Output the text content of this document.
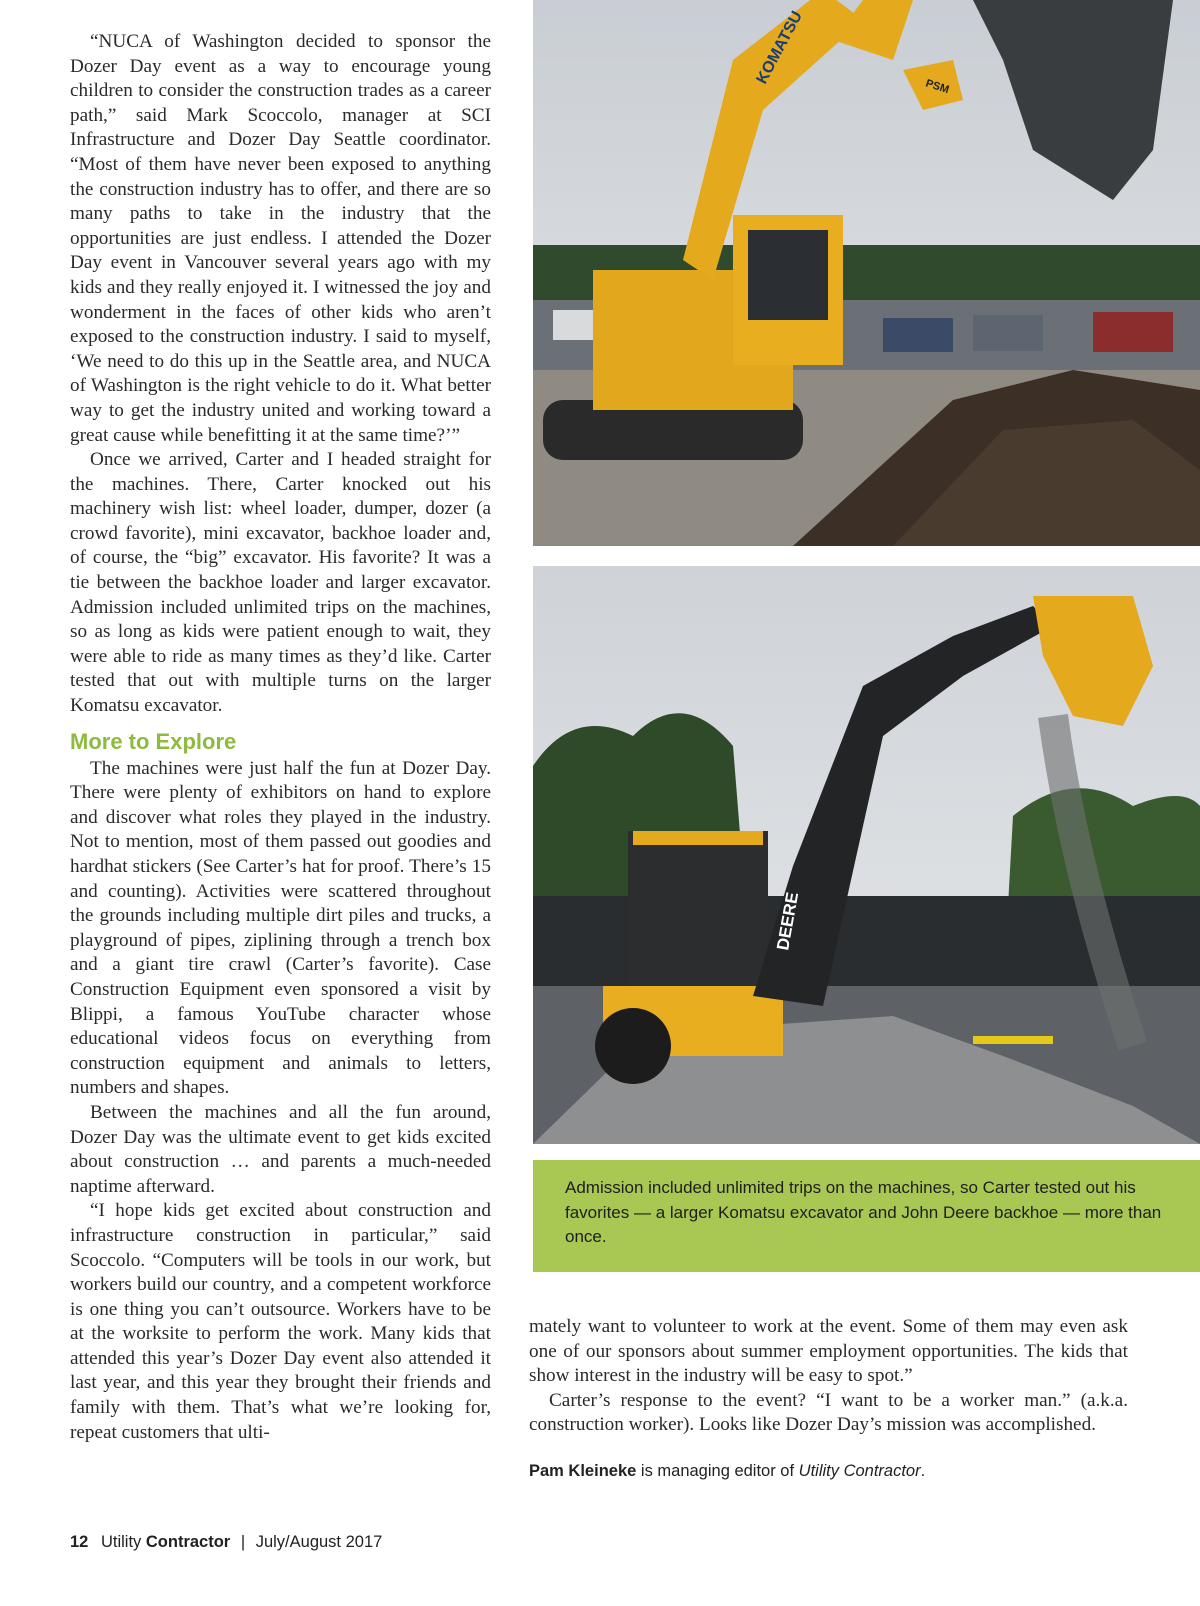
“NUCA of Washington decided to sponsor the Dozer Day event as a way to encourage young children to consider the construction trades as a career path,” said Mark Scoccolo, manager at SCI Infrastructure and Dozer Day Seattle coordinator. “Most of them have never been exposed to anything the construction industry has to offer, and there are so many paths to take in the industry that the opportunities are just endless. I attended the Dozer Day event in Vancouver several years ago with my kids and they really enjoyed it. I witnessed the joy and wonderment in the faces of other kids who aren’t exposed to the construction industry. I said to myself, ‘We need to do this up in the Seattle area, and NUCA of Washington is the right vehicle to do it. What better way to get the industry united and working toward a great cause while benefitting it at the same time?’”

Once we arrived, Carter and I headed straight for the machines. There, Carter knocked out his machinery wish list: wheel loader, dumper, dozer (a crowd favorite), mini excavator, backhoe loader and, of course, the “big” excavator. His favorite? It was a tie between the backhoe loader and larger excavator. Admission included unlimited trips on the machines, so as long as kids were patient enough to wait, they were able to ride as many times as they’d like. Carter tested that out with multiple turns on the larger Komatsu excavator.

More to Explore

The machines were just half the fun at Dozer Day. There were plenty of exhibitors on hand to explore and discover what roles they played in the industry. Not to mention, most of them passed out goodies and hardhat stickers (See Carter’s hat for proof. There’s 15 and counting). Activities were scattered throughout the grounds including multiple dirt piles and trucks, a playground of pipes, ziplining through a trench box and a giant tire crawl (Carter’s favorite). Case Construction Equipment even sponsored a visit by Blippi, a famous YouTube character whose educational videos focus on everything from construction equipment and animals to letters, numbers and shapes.

Between the machines and all the fun around, Dozer Day was the ultimate event to get kids excited about construction … and parents a much-needed naptime afterward.

“I hope kids get excited about construction and infrastructure construction in particular,” said Scoccolo. “Computers will be tools in our work, but workers build our country, and a competent workforce is one thing you can’t outsource. Workers have to be at the worksite to perform the work. Many kids that attended this year’s Dozer Day event also attended it last year, and this year they brought their friends and family with them. That’s what we’re looking for, repeat customers that ulti-

KOMATSU	PSM
DEERE
Admission included unlimited trips on the machines, so Carter tested out his favorites — a larger Komatsu excavator and John Deere backhoe — more than once.

mately want to volunteer to work at the event. Some of them may even ask one of our sponsors about summer employment opportunities. The kids that show interest in the industry will be easy to spot.”

Carter’s response to the event? “I want to be a worker man.” (a.k.a. construction worker). Looks like Dozer Day’s mission was accomplished.

Pam Kleineke is managing editor of Utility Contractor.
12 Utility Contractor | July/August 2017
